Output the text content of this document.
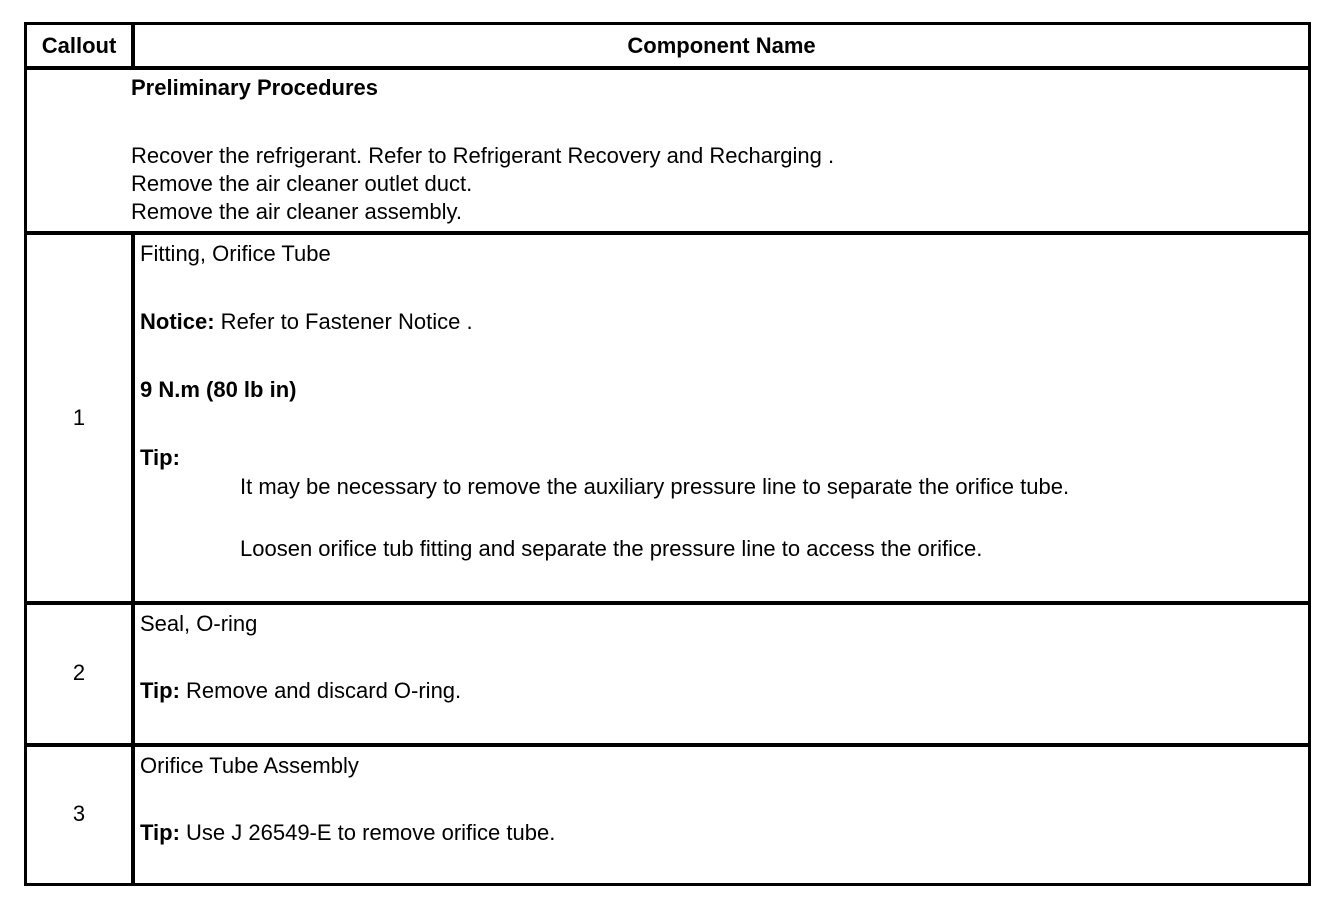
Callout	Component Name
Preliminary Procedures
Recover the refrigerant. Refer to Refrigerant Recovery and Recharging .
Remove the air cleaner outlet duct.
Remove the air cleaner assembly.
1
Fitting, Orifice Tube
Notice: Refer to Fastener Notice .
9 N.m (80 lb in)
Tip:
It may be necessary to remove the auxiliary pressure line to separate the orifice tube.
Loosen orifice tub fitting and separate the pressure line to access the orifice.
2
Seal, O-ring
Tip: Remove and discard O-ring.
3
Orifice Tube Assembly
Tip: Use J 26549-E to remove orifice tube.
